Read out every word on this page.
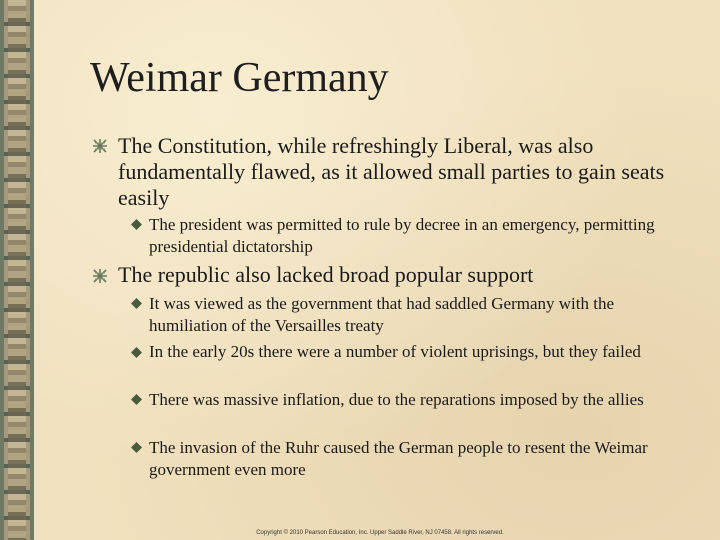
Weimar Germany
The Constitution, while refreshingly Liberal, was also fundamentally flawed, as it allowed small parties to gain seats easily
The president was permitted to rule by decree in an emergency, permitting presidential dictatorship
The republic also lacked broad popular support
It was viewed as the government that had saddled Germany with the humiliation of the Versailles treaty
In the early 20s there were a number of violent uprisings, but they failed
There was massive inflation, due to the reparations imposed by the allies
The invasion of the Ruhr caused the German people to resent the Weimar government even more
Copyright © 2010 Pearson Education, Inc. Upper Saddle River, NJ 07458. All rights reserved.
